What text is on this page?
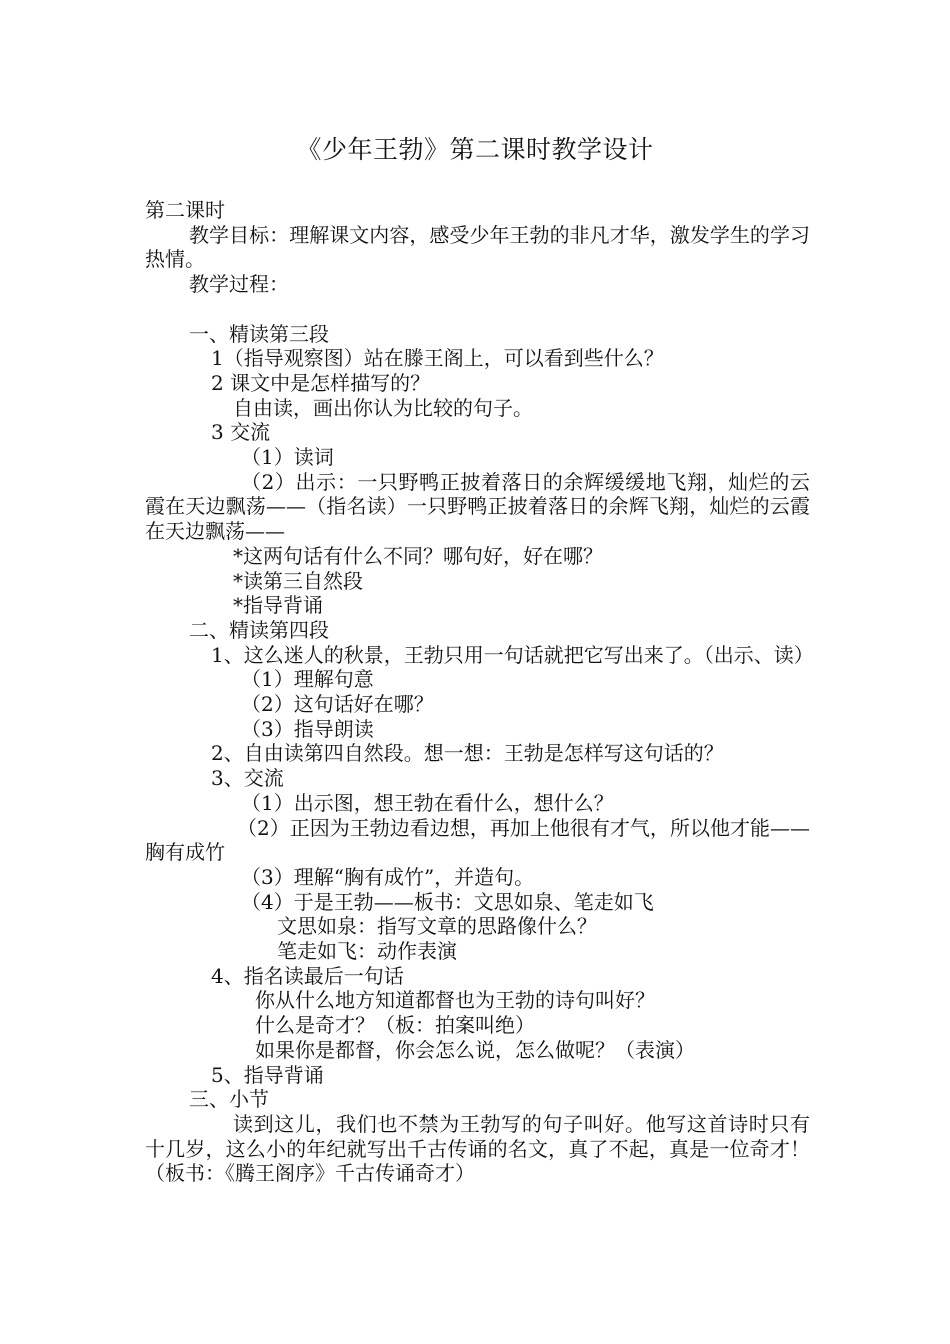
《少年王勃》第二课时教学设计
第二课时
教学目标：理解课文内容，感受少年王勃的非凡才华，激发学生的学习热情。
教学过程：
一、精读第三段
1（指导观察图）站在滕王阁上，可以看到些什么？
2 课文中是怎样描写的？
自由读，画出你认为比较的句子。
3 交流
（1）读词
（2）出示：一只野鸭正披着落日的余辉缓缓地飞翔，灿烂的云霞在天边飘荡——（指名读）一只野鸭正披着落日的余辉飞翔，灿烂的云霞在天边飘荡——
*这两句话有什么不同？哪句好，好在哪？
*读第三自然段
*指导背诵
二、精读第四段
1、这么迷人的秋景，王勃只用一句话就把它写出来了。（出示、读）
（1）理解句意
（2）这句话好在哪？
（3）指导朗读
2、自由读第四自然段。想一想：王勃是怎样写这句话的？
3、交流
（1）出示图，想王勃在看什么，想什么？
（2）正因为王勃边看边想，再加上他很有才气，所以他才能——胸有成竹
（3）理解“胸有成竹”，并造句。
（4）于是王勃——板书：文思如泉、笔走如飞
文思如泉：指写文章的思路像什么？
笔走如飞：动作表演
4、指名读最后一句话
你从什么地方知道都督也为王勃的诗句叫好？
什么是奇才？（板：拍案叫绝）
如果你是都督，你会怎么说，怎么做呢？（表演）
5、指导背诵
三、小节
读到这儿，我们也不禁为王勃写的句子叫好。他写这首诗时只有十几岁，这么小的年纪就写出千古传诵的名文，真了不起，真是一位奇才！（板书：《腾王阁序》千古传诵奇才）
